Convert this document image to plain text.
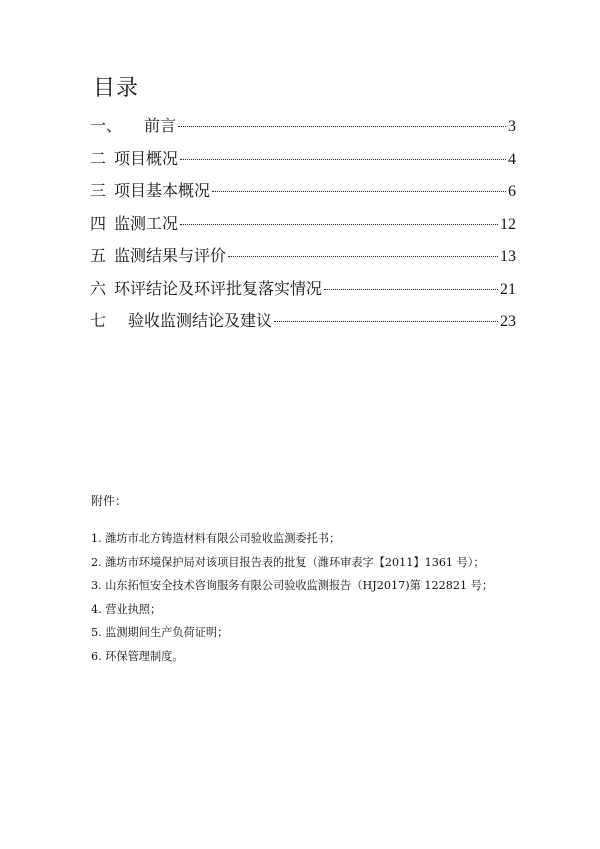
目录
一、 前言	3
二 项目概况	4
三 项目基本概况	6
四 监测工况	12
五 监测结果与评价	13
六 环评结论及环评批复落实情况	21
七 验收监测结论及建议	23

附件：

1. 潍坊市北方铸造材料有限公司验收监测委托书；
2. 潍坊市环境保护局对该项目报告表的批复（潍环审表字【2011】1361 号）；
3. 山东拓恒安全技术咨询服务有限公司验收监测报告（HJ2017)第 122821 号；
4. 营业执照；
5. 监测期间生产负荷证明；
6. 环保管理制度。
